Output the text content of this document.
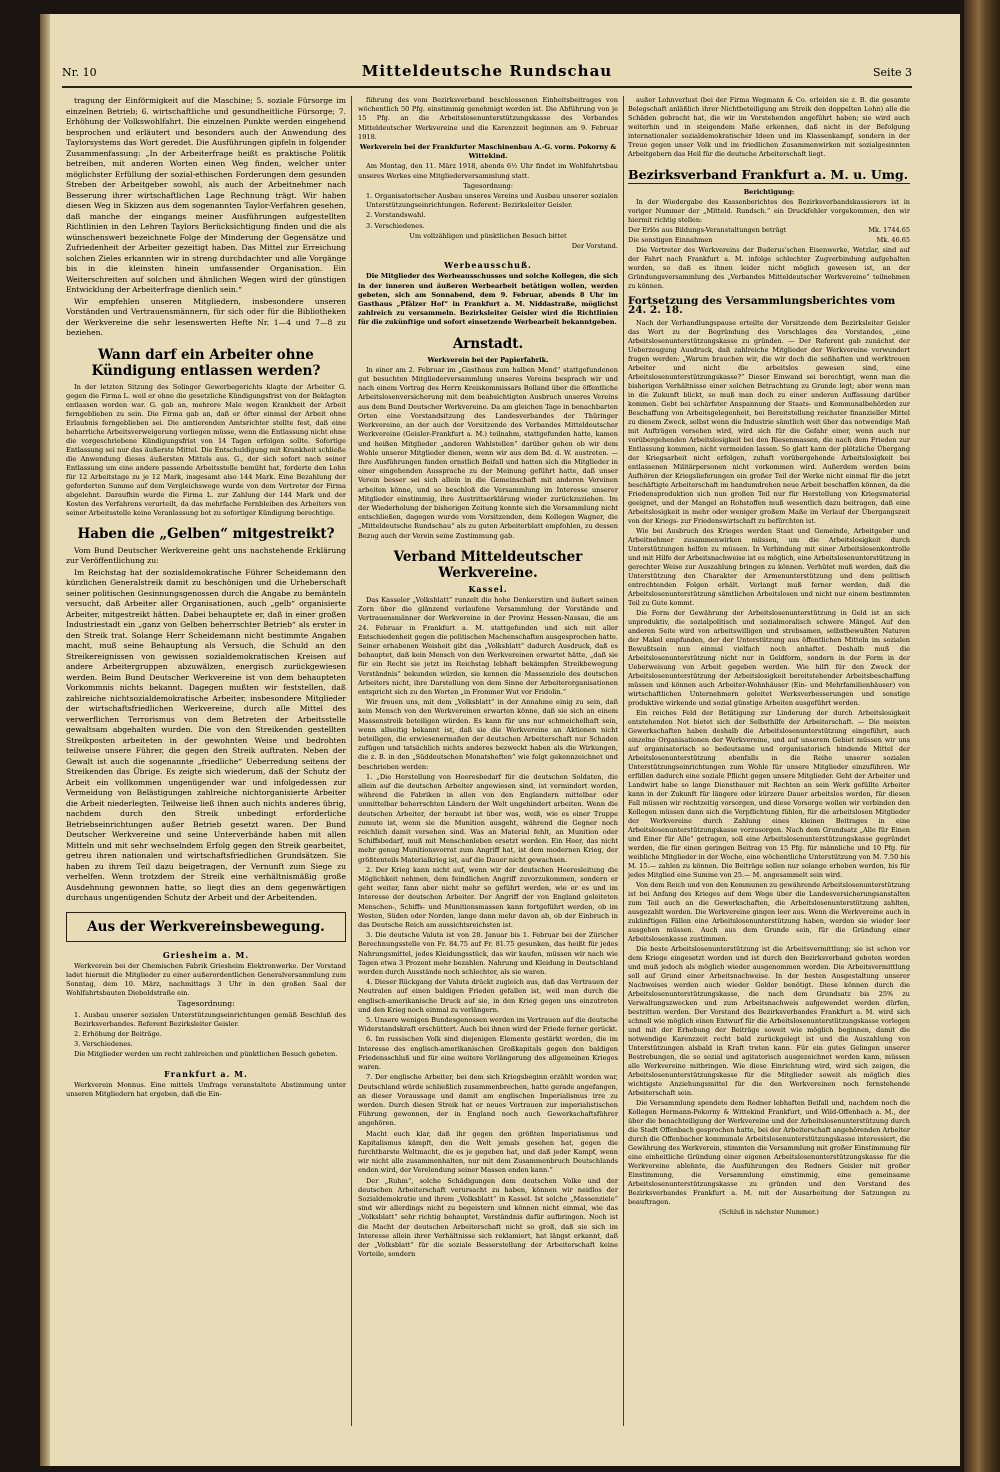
Nr. 10	Mitteldeutsche Rundschau	Seite 3

tragung der Einförmigkeit auf die Maschine; 5. soziale Fürsorge im einzelnen Betrieb; 6. wirtschaftliche und gesundheitliche Fürsorge; 7. Erhöhung der Volkswohlfahrt. Die einzelnen Punkte werden eingehend besprochen und erläutert und besonders auch der Anwendung des Taylorsystems das Wort geredet. Die Ausführungen gipfeln in folgender Zusammenfassung: „In der Arbeiterfrage heißt es praktische Politik betreiben, mit anderen Worten einen Weg finden, welcher unter möglichster Erfüllung der sozial-ethischen Forderungen dem gesunden Streben der Arbeitgeber sowohl, als auch der Arbeitnehmer nach Besserung ihrer wirtschaftlichen Lage Rechnung trägt. Wir haben diesen Weg in Skizzen aus dem sogenannten Taylor-Verfahren gesehen, daß manche der eingangs meiner Ausführungen aufgestellten Richtlinien in den Lehren Taylors Berücksichtigung finden und die als wünschenswert bezeichnete Folge der Minderung der Gegensätze und Zufriedenheit der Arbeiter gezeitigt haben. Das Mittel zur Erreichung solchen Zieles erkannten wir in streng durchdachter und alle Vorgänge bis in die kleinsten hinein umfassender Organisation. Ein Weiterschreiten auf solchen und ähnlichen Wegen wird der günstigen Entwicklung der Arbeiterfrage dienlich sein.“

Wir empfehlen unseren Mitgliedern, insbesondere unseren Vorständen und Vertrauensmännern, für sich oder für die Bibliotheken der Werkvereine die sehr lesenswerten Hefte Nr. 1—4 und 7—8 zu beziehen.

Wann darf ein Arbeiter ohne Kündigung entlassen werden?

In der letzten Sitzung des Solinger Gewerbegerichts klagte der Arbeiter G. gegen die Firma L. weil er ohne die gesetzliche Kündigungsfrist von der Beklagten entlassen worden war. G. gab an, mehrere Male wegen Krankheit der Arbeit ferngeblieben zu sein. Die Firma gab an, daß er öfter einmal der Arbeit ohne Erlaubnis ferngeblieben sei. Die amtierenden Amtsrichter stellte fest, daß eine beharrliche Arbeitsverweigerung vorliegen müsse, wenn die Entlassung nicht ohne die vorgeschriebene Kündigungsfrist von 14 Tagen erfolgen sollte. Sofortige Entlassung sei nur das äußerste Mittel. Die Entschuldigung mit Krankheit schließe die Anwendung dieses äußersten Mittels aus. G., der sich sofort nach seiner Entlassung um eine andere passende Arbeitsstelle bemüht hat, forderte den Lohn für 12 Arbeitstage zu je 12 Mark, insgesamt also 144 Mark. Eine Bezahlung der geforderten Summe auf dem Vergleichswege wurde von dem Vertreter der Firma abgelehnt. Daraufhin wurde die Firma L. zur Zahlung der 144 Mark und der Kosten des Verfahrens verurteilt, da das mehrfache Fernbleiben des Arbeiters von seiner Arbeitsstelle keine Veranlassung bot zu sofortiger Kündigung berechtige.

Haben die „Gelben“ mitgestreikt?

Vom Bund Deutscher Werkvereine geht uns nachstehende Erklärung zur Veröffentlichung zu:

Im Reichstag hat der sozialdemokratische Führer Scheidemann den kürzlichen Generalstreik damit zu beschönigen und die Urheberschaft seiner politischen Gesinnungsgenossen durch die Angabe zu bemänteln versucht, daß Arbeiter aller Organisationen, auch „gelb“ organisierte Arbeiter, mitgestreikt hätten. Dabei behauptete er, daß in einer großen Industriestadt ein „ganz von Gelben beherrschter Betrieb“ als erster in den Streik trat. Solange Herr Scheidemann nicht bestimmte Angaben macht, muß seine Behauptung als Versuch, die Schuld an den Streikereignissen von gewissen sozialdemokratischen Kreisen auf andere Arbeitergruppen abzuwälzen, energisch zurückgewiesen werden. Beim Bund Deutscher Werkvereine ist von dem behaupteten Vorkommnis nichts bekannt. Dagegen mußten wir feststellen, daß zahlreiche nichtsozialdemokratische Arbeiter, insbesondere Mitglieder der wirtschaftsfriedlichen Werkvereine, durch alle Mittel des verwerflichen Terrorismus von dem Betreten der Arbeitsstelle gewaltsam abgehalten wurden. Die von den Streikenden gestellten Streikposten arbeiteten in der gewohnten Weise und bedrohten teilweise unsere Führer, die gegen den Streik auftraten. Neben der Gewalt ist auch die sogenannte „friedliche“ Ueberredung seitens der Streikenden das Übrige. Es zeigte sich wiederum, daß der Schutz der Arbeit ein vollkommen ungenügender war und infolgedessen zur Vermeidung von Belästigungen zahlreiche nichtorganisierte Arbeiter die Arbeit niederlegten. Teilweise ließ ihnen auch nichts anderes übrig, nachdem durch den Streik unbedingt erforderliche Betriebseinrichtungen außer Betrieb gesetzt waren. Der Bund Deutscher Werkvereine und seine Unterverbände haben mit allen Mitteln und mit sehr wechselndem Erfolg gegen den Streik gearbeitet, getreu ihren nationalen und wirtschaftsfriedlichen Grundsätzen. Sie haben zu ihrem Teil dazu beigetragen, der Vernunft zum Siege zu verhelfen. Wenn trotzdem der Streik eine verhältnismäßig große Ausdehnung gewonnen hatte, so liegt dies an dem gegenwärtigen durchaus ungenügenden Schutz der Arbeit und der Arbeitenden.

Aus der Werkvereinsbewegung.
Griesheim a. M.

Werkverein bei der Chemischen Fabrik Griesheim Elektronwerke. Der Vorstand ladet hiermit die Mitglieder zu einer außerordentlichen Generalversammlung zum Sonntag, dem 10. März, nachmittags 3 Uhr in den großen Saal der Wohlfahrtsbauten Dieboldstraße ein.

Tagesordnung:

1. Ausbau unserer sozialen Unterstützungseinrichtungen gemäß Beschluß des Bezirksverbandes. Referent Bezirksleiter Geisler.

2. Erhöhung der Beiträge.

3. Verschiedenes.

Die Mitglieder werden um recht zahlreichen und pünktlichen Besuch gebeten.

Frankfurt a. M.

Werkverein Monnus. Eine mittels Umfrage veranstaltete Abstimmung unter unseren Mitgliedern hat ergeben, daß die Ein-

führung des vom Bezirksverband beschlossenen Einheitsbeitrages von wöchentlich 50 Pfg. einstimmig genehmigt worden ist. Die Abführung von je 15 Pfg. an die Arbeitslosenunterstützungskasse des Verbandes Mitteldeutscher Werkvereine und die Karenzzeit beginnen am 9. Februar 1918.

Werkverein bei der Frankfurter Maschinenbau A.-G. vorm. Pokorny & Wittekind.

Am Montag, den 11. März 1918, abends 6½ Uhr findet im Wohlfahrtsbau unseres Werkes eine Mitgliederversammlung statt.

Tagesordnung:

1. Organisatorischer Ausbau unseres Vereins und Ausbau unserer sozialen Unterstützungseinrichtungen. Referent: Bezirksleiter Geisler.

2. Vorstandswahl.

3. Verschiedenes.

Um vollzähligen und pünktlichen Besuch bittet

Der Vorstand.

Werbeausschuß.

Die Mitglieder des Werbeausschusses und solche Kollegen, die sich in der inneren und äußeren Werbearbeit betätigen wollen, werden gebeten, sich am Sonnabend, dem 9. Februar, abends 8 Uhr im Gasthaus „Pfälzer Hof“ in Frankfurt a. M. Niddastraße, möglichst zahlreich zu versammeln. Bezirksleiter Geisler wird die Richtlinien für die zukünftige und sofort einsetzende Werbearbeit bekanntgeben.

Arnstadt.

Werkverein bei der Papierfabrik.

In einer am 2. Februar im „Gasthaus zum halben Mond“ stattgefundenen gut besuchten Mitgliederversammlung unseres Vereins besprach wir und nach einem Vortrag des Herrn Kreiskommissars Bolland über die öffentliche Arbeitslosenversicherung mit dem beabsichtigten Ausbruch unseres Vereins aus dem Bund Deutscher Werkvereine. Da am gleichen Tage in benachbarten Orten eine Vorstandsitzung des Landesverbandes der Thüringer Werkvereine, an der auch der Vorsitzende des Verbandes Mitteldeutscher Werkvereine (Geisler-Frankfurt a. M.) teilnahm, stattgefunden hatte, kamen und heißen Mitglieder „anderen Wahlstellen“ darüber gehen ob wir dem Wohle unserer Mitglieder dienen, wenn wir aus dem Bd. d. W. austreten. — Ihre Ausführungen fanden ernstlich Beifall und hatten sich die Mitglieder in einer eingehenden Aussprache zu der Meinung geführt hatte, daß unser Verein besser sei sich allein in die Gemeinschaft mit anderen Vereinen arbeiten könne, und so beschloß die Versammlung im Interesse unserer Mitglieder einstimmig, ihre Austrittserklärung wieder zurückzuziehen. Im der Wiederholung der bisherigen Zeitung konnte sich die Versammlung nicht entschließen, dagegen wurde vom Vorsitzenden, dem Kollegen Wagner, die „Mitteldeutsche Rundschau“ als zu guten Arbeiterblatt empfohlen, zu dessen Bezug auch der Verein seine Zustimmung gab.

Verband Mitteldeutscher Werkvereine.
Kassel.

Das Kasseler „Volksblatt“ runzelt die hohe Denkerstirn und äußert seinen Zorn über die glänzend verlaufene Versammlung der Vorstände und Vertrauensmänner der Werkvereine in der Provinz Hessen-Nassau, die am 24. Februar in Frankfurt a. M. stattgefunden und sich mit aller Entschiedenheit gegen die politischen Machenschaften ausgesprochen hatte. Seiner erhabenen Weisheit gibt das „Volksblatt“ dadurch Ausdruck, daß es behauptet, daß kein Mensch von den Werkvereinen erwartet hätte, „daß sie für ein Recht sie jetzt im Reichstag lebhaft bekämpfen Streikbewegung Verständnis“ bekunden würden, sie kennen die Massenziele des deutschen Arbeiters nicht, ihre Darstellung von dem Sinne der Arbeiterorganisationen entspricht sich zu den Worten „in Frommer Wut vor Fridolin.“

Wir freuen uns, mit dem „Volksblatt“ in der Annahme einig zu sein, daß kein Mensch von den Werkvereinen erwarten könne, daß sie sich an einem Massenstreik beteiligen würden. Es kann für uns nur schmeichelhaft sein, wenn allseitig bekannt ist, daß sie die Werkvereine an Aktionen nicht beteiligen, die erwiesenermaßen der deutschen Arbeiterschaft nur Schaden zufügen und tatsächlich nichts anderes bezweckt haben als die Wirkungen, die z. B. in den „Süddeutschen Monatsheften“ wie folgt gekennzeichnet und beschrieben werden:

1. „Die Herstellung von Heeresbedarf für die deutschen Soldaten, die allein auf die deutschen Arbeiter angewiesen sind, ist vermindert worden, während die Fabriken in allen von den Englandern mittelbar oder unmittelbar beherrschten Ländern der Welt ungehindert arbeiten. Wenn die deutschen Arbeiter, der beraubt ist über was, weiß, wie es einer Truppe zumute ist, wenn sie die Munition ausgeht, während die Gegner noch reichlich damit versehen sind. Was an Material fehlt, an Munition oder Schiffsbedarf, muß mit Menschenleben ersetzt werden. Ein Heer, das nicht mehr genug Munitionsvorrat zum Angriff hat, ist dem modernen Krieg, der größtenteils Materialkrieg ist, auf die Dauer nicht gewachsen.

2. Der Krieg kann nicht auf, wenn wir der deutschen Heeresleitung die Möglichkeit nehmen, dem feindlichen Angriff zuvorzukommen, sondern er geht weiter, fann aber nicht mehr so geführt werden, wie er es und im Interesse der deutschen Arbeiter. Der Angriff der von England geleiteten Menschen-, Schiffs- und Munitionsmassen kann fortgeführt werden, ob im Westen, Süden oder Norden, lange dann mehr davon ab, ob der Einbruch in das Deutsche Reich am aussichtsreichsten ist.

3. Die deutsche Valuta ist von 28. Januar bis 1. Februar bei der Züricher Berechnungsstelle von Fr. 84.75 auf Fr. 81.75 gesunken, das heißt für jedes Nahrungsmittel, jedes Kleidungsstück, das wir kaufen, müssen wir nach wie Tagen etwa 3 Prozent mehr bezahlen. Nahrung und Kleidung in Deutschland werden durch Ausstände noch schlechter, als sie waren.

4. Dieser Rückgang der Valuta drückt zugleich aus, daß das Vertrauen der Neutralen auf einen baldigen Frieden gefallen ist, weil man durch die englisch-amerikanische Druck auf sie, in den Krieg gegen uns einzutreten und den Krieg noch einmal zu verlängern.

5. Unsere wenigen Bundesgenossen werden im Vertrauen auf die deutsche Widerstandskraft erschüttert. Auch bei ihnen wird der Friede ferner gerückt.

6. Im russischen Volk sind diejenigen Elemente gestärkt worden, die im Interesse des englisch-amerikanischen Großkapitals gegen den baldigen Friedensschluß und für eine weitere Verlängerung des allgemeinen Krieges waren.

7. Der englische Arbeiter, bei dem sich Kriegsbeginn erzählt worden war, Deutschland würde schließlich zusammenbrechen, hatte gerade angefangen, an dieser Voraussage und damit am englischen Imperialismus irre zu werden. Durch diesen Streik hat er neues Vertrauen zur imperialistischen Führung gewonnen, der in England noch auch Gewerkschaftsführer angehören.

Macht euch klar, daß ihr gegen den größten Imperialismus und Kapitalismus kämpft, den die Welt jemals gesehen hat, gegen die furchtbarste Weltmacht, die es je gegeben hat, und daß jeder Kampf, wenn wir nicht alle zusammenhalten, nur mit dem Zusammenbruch Deutschlands enden wird, der Verelendung seiner Massen enden kann.“

Der „Ruhm“, solche Schädigungen dem deutschen Volke und der deutschen Arbeiterschaft verursacht zu haben, können wir neidlos der Sozialdemokratie und ihrem „Volksblatt“ in Kassel. Ist solche „Massenziele“ sind wir allerdings nicht zu begeistern und können nicht einmal, wie das „Volksblatt“ sehr richtig behauptet, Verständnis dafür aufbringen. Noch ist die Macht der deutschen Arbeiterschaft nicht so groß, daß sie sich im Interesse allein ihrer Verhältnisse sich reklamiert, hat längst erkannt, daß der „Volksblatt“ für die soziale Besserstellung der Arbeiterschaft keine Vorteile, sondern

außer Lohnverlust (bei der Firma Wegmann & Co. erleiden sie z. B. die gesamte Belegschaft anläßlich ihrer Nichtbeteiligung am Streik den doppelten Lohn) alle die Schäden gebracht hat, die wir im Vorstehenden angeführt haben; sie wird auch weiterhin und in steigendem Maße erkennen, daß nicht in der Befolgung internationaler sozialdemokratischer Ideen und im Klassenkampf, sondern in der Treue gegen unser Volk und im friedlichen Zusammenwirken mit sozialgesinnten Arbeitgebern das Heil für die deutsche Arbeiterschaft liegt.

Bezirksverband Frankfurt a. M. u. Umg.

Berichtigung:

In der Wiedergabe des Kassenberichtes des Bezirksverbandskassierers ist in voriger Nummer der „Mitteld. Rundsch.“ ein Druckfehler vorgekommen, den wir hiermit richtig stellen:

Der Erlös aus Bildungs-Veranstaltungen beträgt	Mk. 1744.65

Die sonstigen Einnahmen	Mk. 46.65

Die Vertreter des Werkvereins der Buderus'schen Eisenwerke, Wetzlar, sind auf der Fahrt nach Frankfurt a. M. infolge schlechter Zugverbindung aufgehalten worden, so daß es ihnen leider nicht möglich gewesen ist, an der Gründungsversammlung des „Verbandes Mitteldeutscher Werkvereine“ teilnehmen zu können.

Fortsetzung des Versammlungsberichtes vom 24. 2. 18.

Nach der Verhandlungspause erteilte der Vorsitzende dem Bezirksleiter Geisler das Wort zu der Begründung des Vorschlages des Vorstandes, „eine Arbeitslosenunterstützungskasse zu gründen. — Der Referent gab zunächst der Ueberzeugung Ausdruck, daß zahlreiche Mitglieder der Werkvereine verwundert fragen werden: „Warum brauchen wir, die wir doch die seßhaften und werktreuen Arbeiter und nicht die arbeitslos gewesen sind, eine Arbeitslosenunterstützungskasse?“ Dieser Einwand sei berechtigt, wenn man die bisherigen Verhältnisse einer solchen Betrachtung zu Grunde legt; aber wenn man in die Zukunft blickt, so muß man doch zu einer anderen Auffassung darüber kommen. Gebt bei schärfster Anspannung der Staats- und Kommunalbehörden zur Beschaffung von Arbeitsgelegenheit, bei Bereitstellung reichster finanzieller Mittel zu diesem Zweck, selbst wenn die Industrie sämtlich weit über das notwendige Maß mit Aufträgen versehen wird, wird sich für die Gefahr einer, wenn auch nur vorübergehenden Arbeitslosigkeit bei den Riesenmassen, die nach dem Frieden zur Entlassung kommen, nicht vermeiden lassen. So glatt kann der plötzliche Übergang der Kriegsarbeit nicht erfolgen, zuhaft vorübergehende Arbeitslosigkeit bei entlassenen Militärpersonen nicht vorkommen wird. Außerdem werden beim Aufhören der Kriegslieferungen ein großer Teil der Werke nicht einmal für die jetzt beschäftigte Arbeiterschaft im handumdrehen neue Arbeit beschaffen können, da die Friedensproduktion sich nun großen Teil nur für Herstellung von Kriegsmaterial geeignet, und der Mangel an Rohstoffen muß wesentlich dazu beitragen, daß eine Arbeitslosigkeit in mehr oder weniger großem Maße im Verlauf der Übergangszeit von der Kriegs- zur Friedenswirtschaft zu befürchten ist.

Wie bei Ausbruch des Krieges werden Staat und Gemeinde, Arbeitgeber und Arbeitnehmer zusammenwirken müssen, um die Arbeitslosigkeit durch Unterstützungen helfen zu müssen. In Verbindung mit einer Arbeitslosenkontrolle und mit Hilfe der Arbeitsnachweise ist es möglich, eine Arbeitslosenunterstützung in gerechter Weise zur Auszahlung bringen zu können. Verhütet muß werden, daß die Unterstützung den Charakter der Armenunterstützung und dem politisch entrechtenden Folgen erhält. Verlangt muß ferner werden, daß die Arbeitslosenunterstützung sämtlichen Arbeitslosen und nicht nur einem bestimmten Teil zu Gute kommt.

Die Form der Gewährung der Arbeitslosenunterstützung in Geld ist an sich unproduktiv, die sozialpolitisch und sozialmoralisch schwere Mängel. Auf den anderen Seite wird von arbeitswilligen und strebsamen, selbstbewußten Naturen der Makel empfunden, der der Unterstützung aus öffentlichen Mitteln im sozialen Bewußtsein nun einmal vielfach noch anhaftet. Deshalb muß die Arbeitslosenunterstützung nicht nur in Geldform, sondern in der Form in der Ueberweisung von Arbeit gegeben werden. Wie hilft für den Zweck der Arbeitslosenunterstützung der Arbeitslosigkeit bereitstehender Arbeitsbeschaffung müssen und können auch Arbeiter-Wohnhäuser (Ein- und Mehrfamilienhäuser) von wirtschaftlichen Unternehmern geleitet Werksverbesserungen und sonstige produktive wirkende und sozial günstige Arbeiten ausgeführt werden.

Ein reiches Feld der Betätigung zur Linderung der durch Arbeitslosigkeit entstehenden Not bietet sich der Selbsthilfe der Arbeiterschaft. — Die meisten Gewerkschaften haben deshalb die Arbeitslosenunterstützung eingeführt, auch einzelne Organisationen der Werkvereine, und auf unserem Gebiet müssen wir uns auf organisatorisch so bedeutsame und organisatorisch bindende Mittel der Arbeitslosenunterstützung ebenfalls in die Reihe unserer sozialen Unterstützungseinrichtungen zum Wohle für unsere Mitglieder einzuführen. Wir erfüllen dadurch eine soziale Pflicht gegen unsere Mitglieder. Geht der Arbeiter und Landwirt habe so lange Dienstbauer mit Rechten an sein Werk gefüllte Arbeiter kann in der Zukunft für längere oder kürzere Dauer arbeitslos werden, für diesen Fall müssen wir rechtzeitig vorsorgen, und diese Vorsorge wollen wir verbinden den Kollegen müssen dann sich die Verpflichtung fühlen, für die arbeitslosen Mitglieder der Werkvereine durch Zahlung eines kleinen Beitrages in eine Arbeitslosenunterstützungskasse vorzusorgen. Nach dem Grundsatz „Alle für Einen und Einer für Alle“ getragen, soll eine Arbeitslosenunterstützungskasse gegründet werden, die für einen geringen Beitrag von 15 Pfg. für männliche und 10 Pfg. für weibliche Mitglieder in der Woche, eine wöchentliche Unterstützung von M. 7.50 bis M. 15.— zahlen zu können. Die Beiträge sollen nur solange erhoben werden, bis für jedes Mitglied eine Summe von 25.— M. angesammelt sein wird.

Von dem Reich und von den Kommunen zu gewährende Arbeitslosenunterstützung ist bei Anfang des Krieges auf dem Wege über die Landesversicherungsanstalten zum Teil auch an die Gewerkschaften, die Arbeitslosenunterstützung zahlten, ausgezahlt worden. Die Werkvereine gingen leer aus. Wenn die Werkvereine auch in zukünftigen Fällen eine Arbeitslosenunterstützung haben, werden sie wieder leer ausgehen müssen. Auch aus dem Grunde sein, für die Gründung einer Arbeitslosenkasse zustimmen.

Die beste Arbeitslosenunterstützung ist die Arbeitsvermittlung; sie ist schon vor dem Kriege eingesetzt worden und ist durch den Bezirksverband geboten worden und muß jedoch als möglich wieder ausgenommen worden. Die Arbeitsvermittlung soll auf Grund einer Arbeitsnachweise. In der besten Ausgestaltung unserer Nachweises werden auch wieder Gelder benötigt. Diese können durch die Arbeitslosenunterstützungskasse, die nach dem Grundsatz bis 25% zu Verwaltungszwecken und zum Arbeitsnachweis aufgewendet werden dürfen, bestritten werden. Der Vorstand des Bezirksverbandes Frankfurt a. M. wird sich schnell wie möglich einen Entwurf für die Arbeitslosenunterstützungskasse vorlegen und mit der Erhebung der Beiträge soweit wie möglich beginnen, damit die notwendige Karenzzeit recht bald zurückgelegt ist und die Auszahlung von Unterstützungen alsbald in Kraft treten kann. Für ein gutes Gelingen unserer Bestrebungen, die so sozial und agitatorisch ausgezeichnet werden kann, müssen alle Werkvereine mitbringen. Wie diese Einrichtung wird, wird sich zeigen, die Arbeitslosenunterstützungskasse für die Mitglieder soweit als möglich dies wichtigste Anziehungsmittel für die den Werkvereinen noch fernstehende Arbeiterschaft sein.

Die Versammlung spendete dem Redner lebhaften Beifall und, nachdem noch die Kollegen Hermann-Pokorny & Wittekind Frankfurt, und Wild-Offenbach a. M., der über die benachteiligung der Werkvereine und der Arbeitslosenunterstützung durch die Stadt Offenbach gesprochen hatte, bei der Arbeiterschaft angehörenden Arbeiter durch die Offenbacher kommunale Arbeitslosenunterstützungskasse interessiert, die Gewährung des Werkverein, stimmten die Versammlung mit großer Einstimmung für eine einheitliche Gründung einer eigenen Arbeitslosenunterstützungskasse für die Werkvereine ablehnte, die Ausführungen des Redners Geisler mit großer Einstimmung, die Versammlung einstimmig, eine gemeinsame Arbeitslosenunterstützungskasse zu gründen und den Vorstand des Bezirksverbandes Frankfurt a. M. mit der Ausarbeitung der Satzungen zu beauftragen.

(Schluß in nächster Nummer.)
